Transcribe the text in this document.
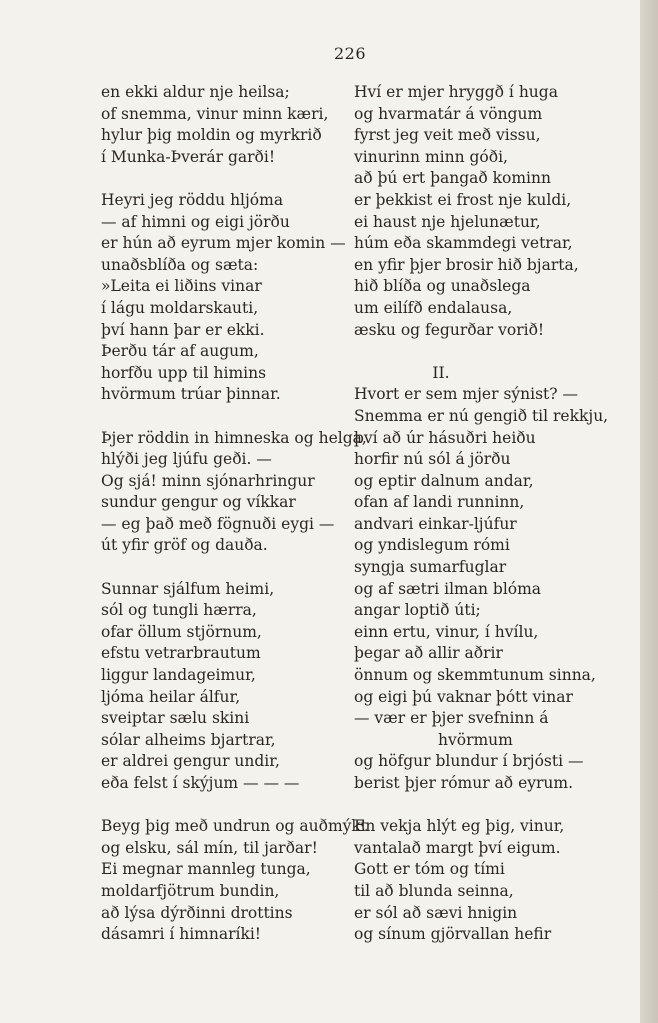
226

en ekki aldur nje heilsa;

of snemma, vinur minn kæri,

hylur þig moldin og myrkrið

í Munka-Þverár garði!

Heyri jeg röddu hljóma

— af himni og eigi jörðu

er hún að eyrum mjer komin —

unaðsblíða og sæta:

»Leita ei liðins vinar

í lágu moldarskauti,

því hann þar er ekki.

Þerðu tár af augum,

horfðu upp til himins

hvörmum trúar þinnar.

Þjer röddin in himneska og helga,

hlýði jeg ljúfu geði. —

Og sjá! minn sjónarhringur

sundur gengur og víkkar

— eg það með fögnuði eygi —

út yfir gröf og dauða.

Sunnar sjálfum heimi,

sól og tungli hærra,

ofar öllum stjörnum,

efstu vetrarbrautum

liggur landageimur,

ljóma heilar álfur,

sveiptar sælu skini

sólar alheims bjartrar,

er aldrei gengur undir,

eða felst í skýjum — — —

Beyg þig með undrun og auðmýkt

og elsku, sál mín, til jarðar!

Ei megnar mannleg tunga,

moldarfjötrum bundin,

að lýsa dýrðinni drottins

dásamri í himnaríki!

Hví er mjer hryggð í huga

og hvarmatár á vöngum

fyrst jeg veit með vissu,

vinurinn minn góði,

að þú ert þangað kominn

er þekkist ei frost nje kuldi,

ei haust nje hjelunætur,

húm eða skammdegi vetrar,

en yfir þjer brosir hið bjarta,

hið blíða og unaðslega

um eilífð endalausa,

æsku og fegurðar vorið!

II.

Hvort er sem mjer sýnist? —

Snemma er nú gengið til rekkju,

því að úr hásuðri heiðu

horfir nú sól á jörðu

og eptir dalnum andar,

ofan af landi runninn,

andvari einkar-ljúfur

og yndislegum rómi

syngja sumarfuglar

og af sætri ilman blóma

angar loptið úti;

einn ertu, vinur, í hvílu,

þegar að allir aðrir

önnum og skemmtunum sinna,

og eigi þú vaknar þótt vinar

— vær er þjer svefninn á

hvörmum

og höfgur blundur í brjósti —

berist þjer rómur að eyrum.

En vekja hlýt eg þig, vinur,

vantalað margt því eigum.

Gott er tóm og tími

til að blunda seinna,

er sól að sævi hnigin

og sínum gjörvallan hefir
